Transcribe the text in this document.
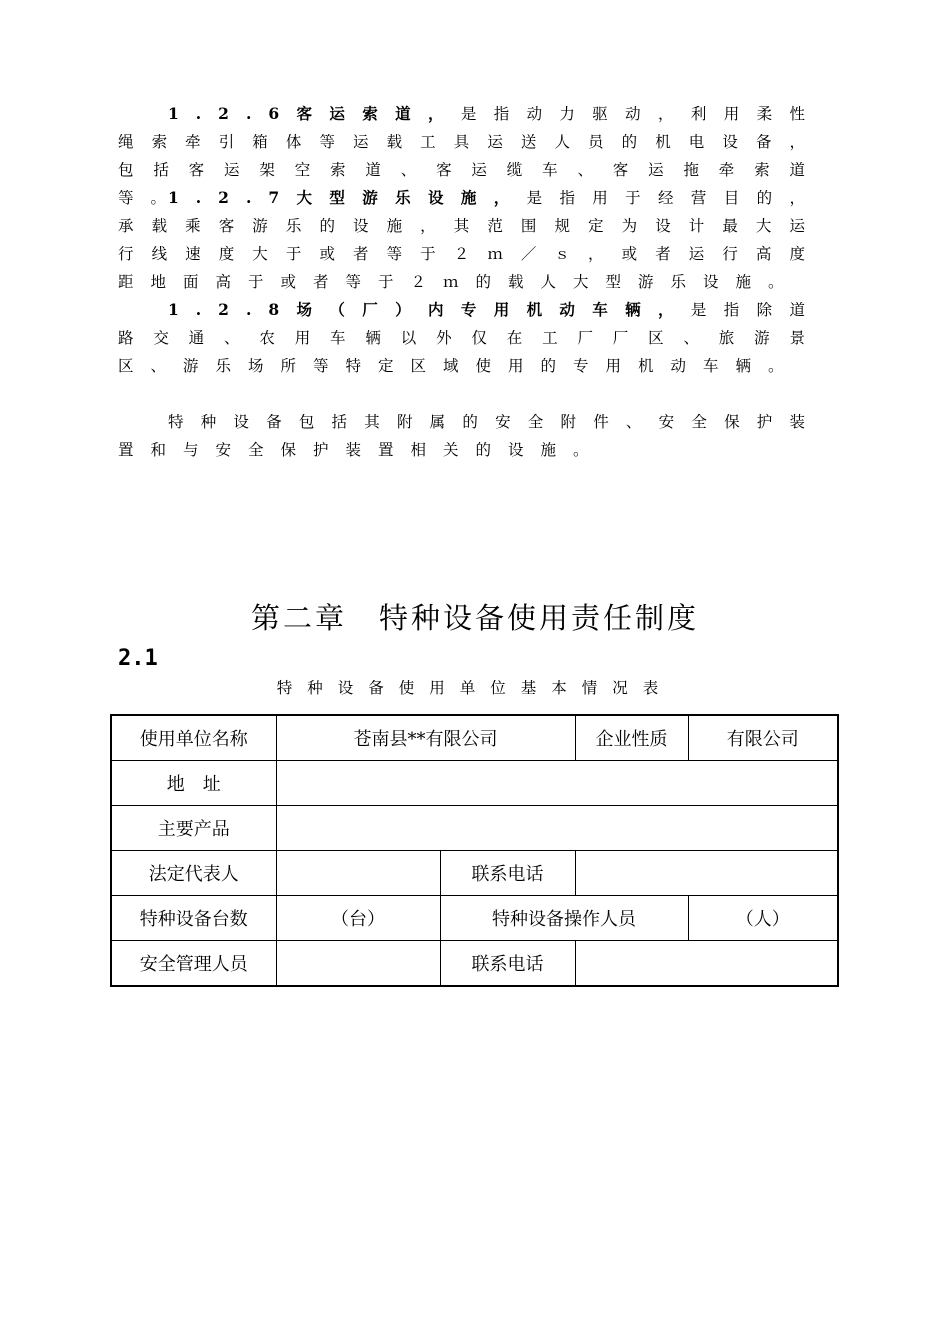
1.2.6客运索道，是指动力驱动，利用柔性绳索牵引箱体等运载工具运送人员的机电设备，包括客运架空索道、客运缆车、客运拖牵索道等。

1.2.7大型游乐设施，是指用于经营目的，承载乘客游乐的设施，其范围规定为设计最大运行线速度大于或者等于２ｍ／ｓ，或者运行高度距地面高于或者等于２ｍ的载人大型游乐设施。

1.2.8场（厂）内专用机动车辆，是指除道路交通、农用车辆以外仅在工厂厂区、旅游景区、游乐场所等特定区域使用的专用机动车辆。

特种设备包括其附属的安全附件、安全保护装置和与安全保护装置相关的设施。

第二章　特种设备使用责任制度
2.1
特种设备使用单位基本情况表
使用单位名称	苍南县**有限公司		企业性质	有限公司
地　址				
主要产品				
法定代表人		联系电话		
特种设备台数	（台）	特种设备操作人员		（人）
安全管理人员		联系电话		
